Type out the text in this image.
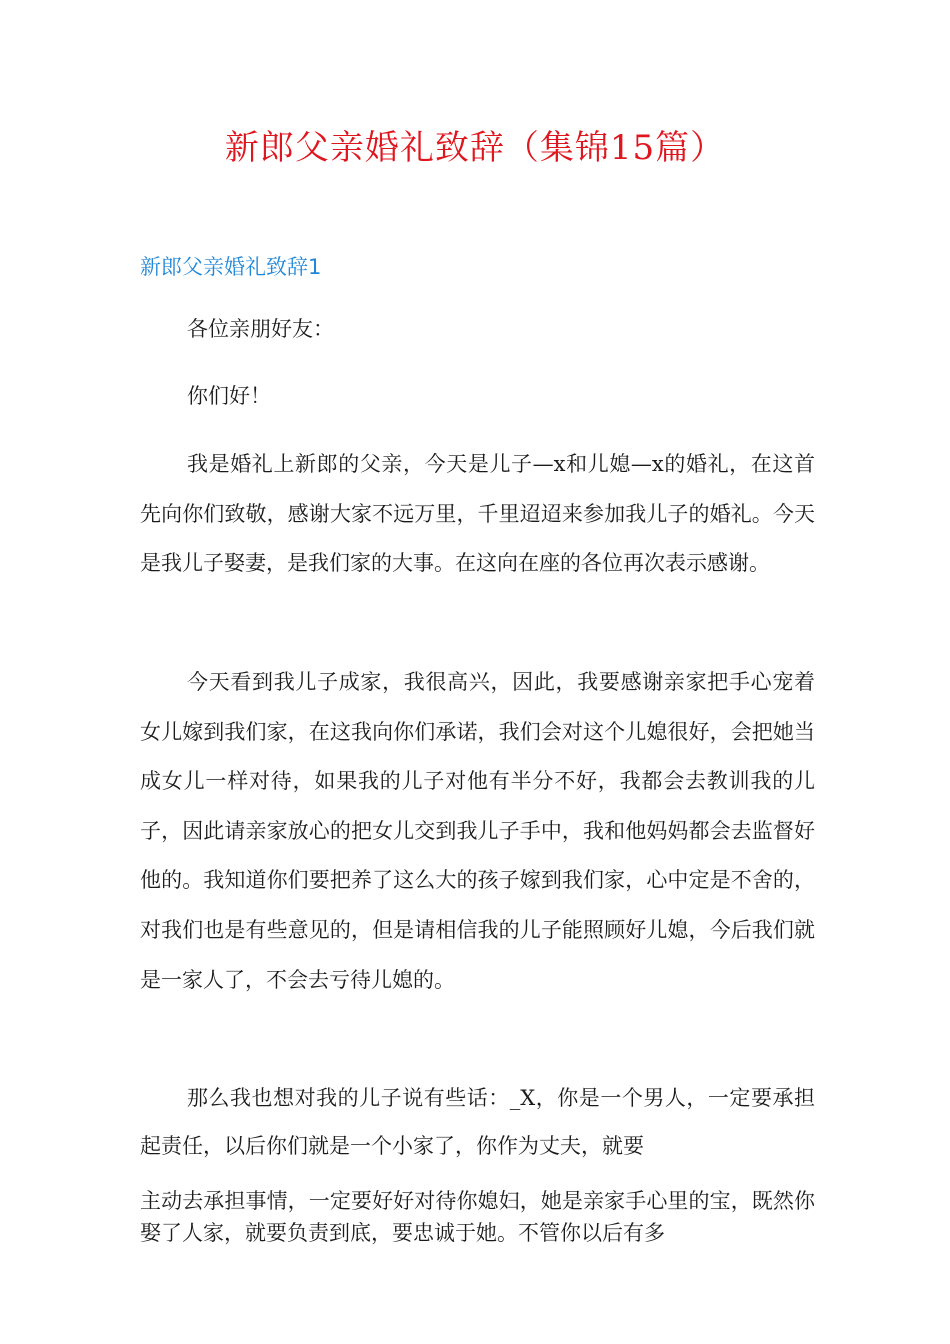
新郎父亲婚礼致辞（集锦15篇）
新郎父亲婚礼致辞1

各位亲朋好友：

你们好！

我是婚礼上新郎的父亲，今天是儿子—x和儿媳—x的婚礼，在这首先向你们致敬，感谢大家不远万里，千里迢迢来参加我儿子的婚礼。今天是我儿子娶妻，是我们家的大事。在这向在座的各位再次表示感谢。

今天看到我儿子成家，我很高兴，因此，我要感谢亲家把手心宠着女儿嫁到我们家，在这我向你们承诺，我们会对这个儿媳很好，会把她当成女儿一样对待，如果我的儿子对他有半分不好，我都会去教训我的儿子，因此请亲家放心的把女儿交到我儿子手中，我和他妈妈都会去监督好他的。我知道你们要把养了这么大的孩子嫁到我们家，心中定是不舍的，对我们也是有些意见的，但是请相信我的儿子能照顾好儿媳，今后我们就是一家人了，不会去亏待儿媳的。

那么我也想对我的儿子说有些话：_X，你是一个男人，一定要承担起责任，以后你们就是一个小家了，你作为丈夫，就要

主动去承担事情，一定要好好对待你媳妇，她是亲家手心里的宝，既然你娶了人家，就要负责到底，要忠诚于她。不管你以后有多
